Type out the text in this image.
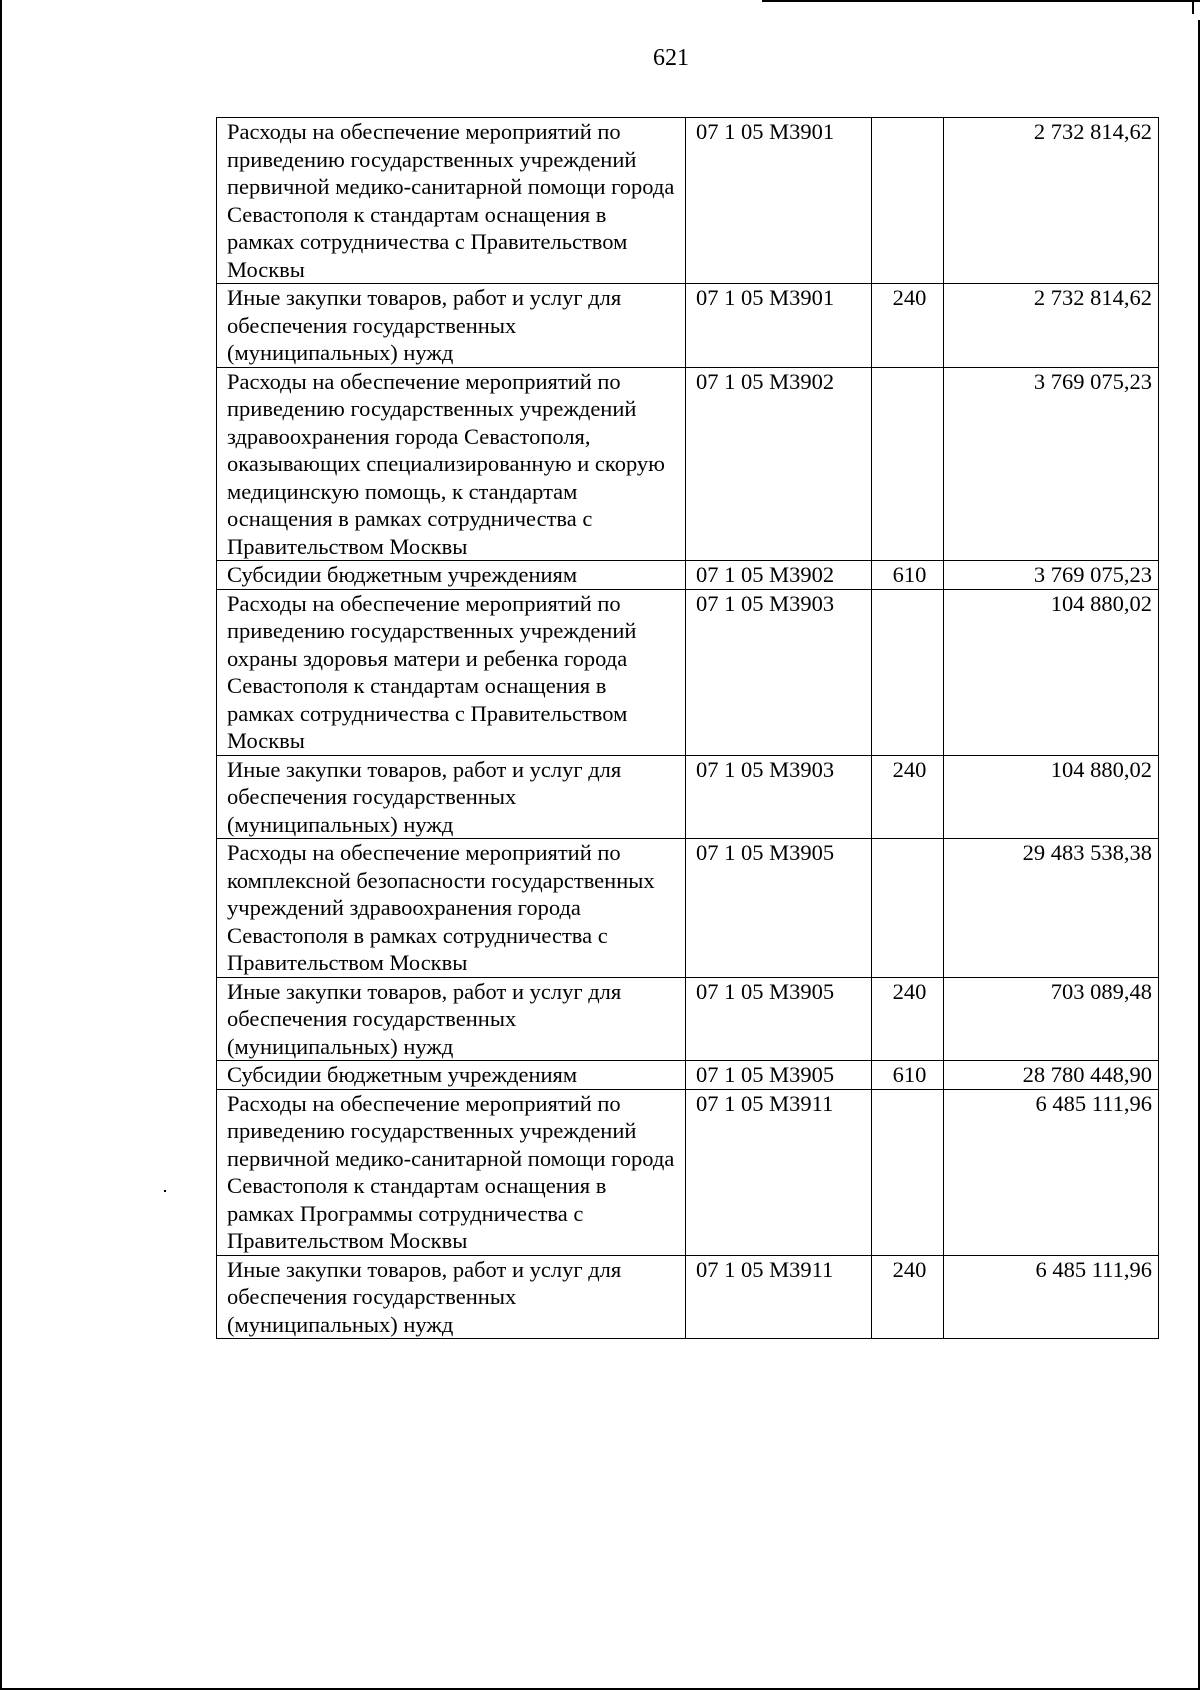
621
Расходы на обеспечение мероприятий по приведению государственных учреждений первичной медико-санитарной помощи города Севастополя к стандартам оснащения в рамках сотрудничества с Правительством Москвы	07 1 05 M3901		2 732 814,62
Иные закупки товаров, работ и услуг для обеспечения государственных (муниципальных) нужд	07 1 05 M3901	240	2 732 814,62
Расходы на обеспечение мероприятий по приведению государственных учреждений здравоохранения города Севастополя, оказывающих специализированную и скорую медицинскую помощь, к стандартам оснащения в рамках сотрудничества с Правительством Москвы	07 1 05 M3902		3 769 075,23
Субсидии бюджетным учреждениям	07 1 05 M3902	610	3 769 075,23
Расходы на обеспечение мероприятий по приведению государственных учреждений охраны здоровья матери и ребенка города Севастополя к стандартам оснащения в рамках сотрудничества с Правительством Москвы	07 1 05 M3903		104 880,02
Иные закупки товаров, работ и услуг для обеспечения государственных (муниципальных) нужд	07 1 05 M3903	240	104 880,02
Расходы на обеспечение мероприятий по комплексной безопасности государственных учреждений здравоохранения города Севастополя в рамках сотрудничества с Правительством Москвы	07 1 05 M3905		29 483 538,38
Иные закупки товаров, работ и услуг для обеспечения государственных (муниципальных) нужд	07 1 05 M3905	240	703 089,48
Субсидии бюджетным учреждениям	07 1 05 M3905	610	28 780 448,90
Расходы на обеспечение мероприятий по приведению государственных учреждений первичной медико-санитарной помощи города Севастополя к стандартам оснащения в рамках Программы сотрудничества с Правительством Москвы	07 1 05 M3911		6 485 111,96
Иные закупки товаров, работ и услуг для обеспечения государственных (муниципальных) нужд	07 1 05 M3911	240	6 485 111,96
